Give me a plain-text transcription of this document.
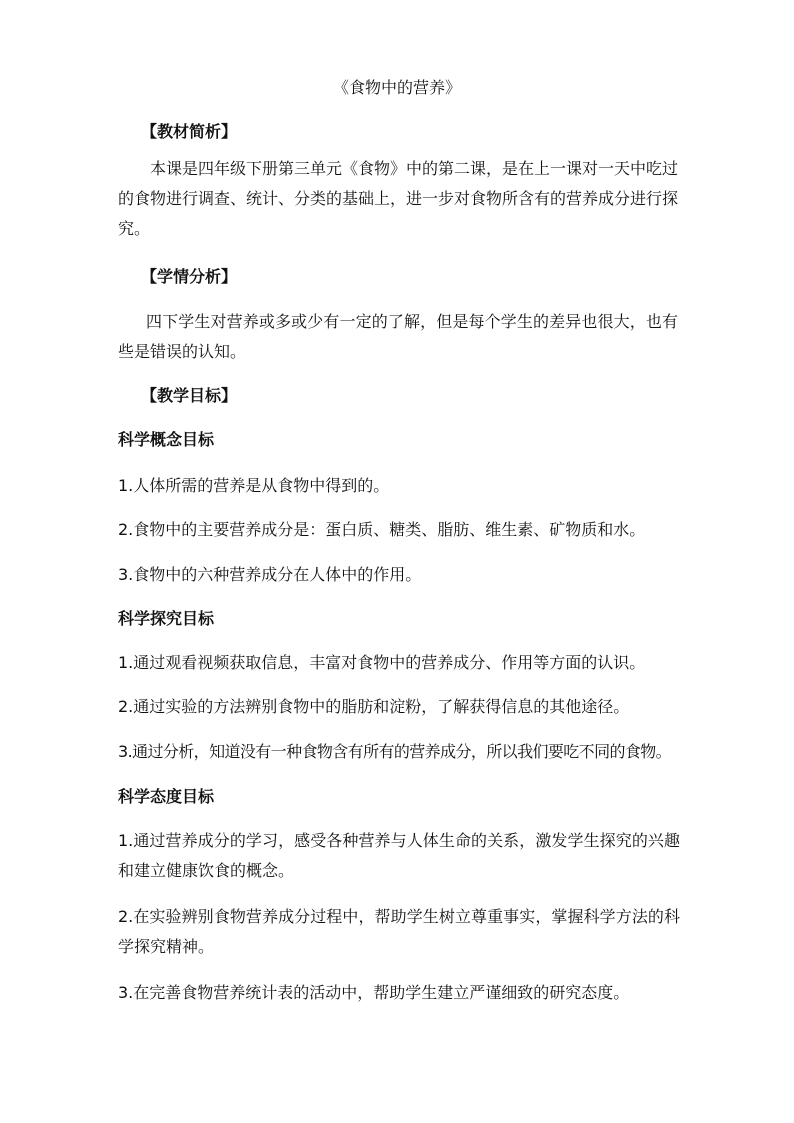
《食物中的营养》
【教材简析】
本课是四年级下册第三单元《食物》中的第二课，是在上一课对一天中吃过的食物进行调查、统计、分类的基础上，进一步对食物所含有的营养成分进行探究。
【学情分析】
四下学生对营养或多或少有一定的了解，但是每个学生的差异也很大，也有些是错误的认知。
【教学目标】
科学概念目标
1.人体所需的营养是从食物中得到的。
2.食物中的主要营养成分是：蛋白质、糖类、脂肪、维生素、矿物质和水。
3.食物中的六种营养成分在人体中的作用。
科学探究目标
1.通过观看视频获取信息，丰富对食物中的营养成分、作用等方面的认识。
2.通过实验的方法辨别食物中的脂肪和淀粉，了解获得信息的其他途径。
3.通过分析，知道没有一种食物含有所有的营养成分，所以我们要吃不同的食物。
科学态度目标
1.通过营养成分的学习，感受各种营养与人体生命的关系，激发学生探究的兴趣和建立健康饮食的概念。
2.在实验辨别食物营养成分过程中，帮助学生树立尊重事实，掌握科学方法的科学探究精神。
3.在完善食物营养统计表的活动中，帮助学生建立严谨细致的研究态度。
